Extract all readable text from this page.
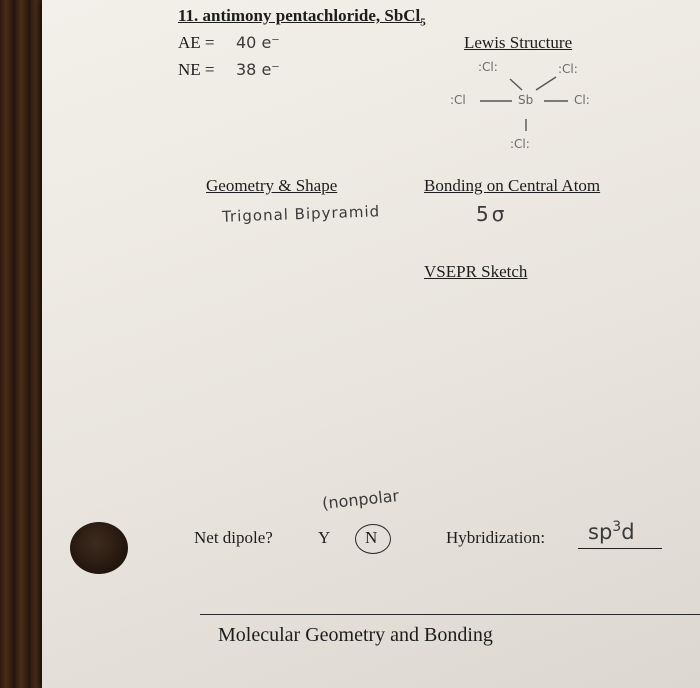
11. antimony pentachloride, SbCl$_5$
AE = 40 e⁻
NE = 38 e⁻
Lewis Structure
:Cl:	:Cl:
:Cl	Sb	Cl:
:Cl:
Geometry & Shape
Trigonal Bipyramid
Bonding on Central Atom
5σ
VSEPR Sketch
(nonpolar
Net dipole?	Y N	Hybridization: $sp^3d$
Molecular Geometry and Bonding
